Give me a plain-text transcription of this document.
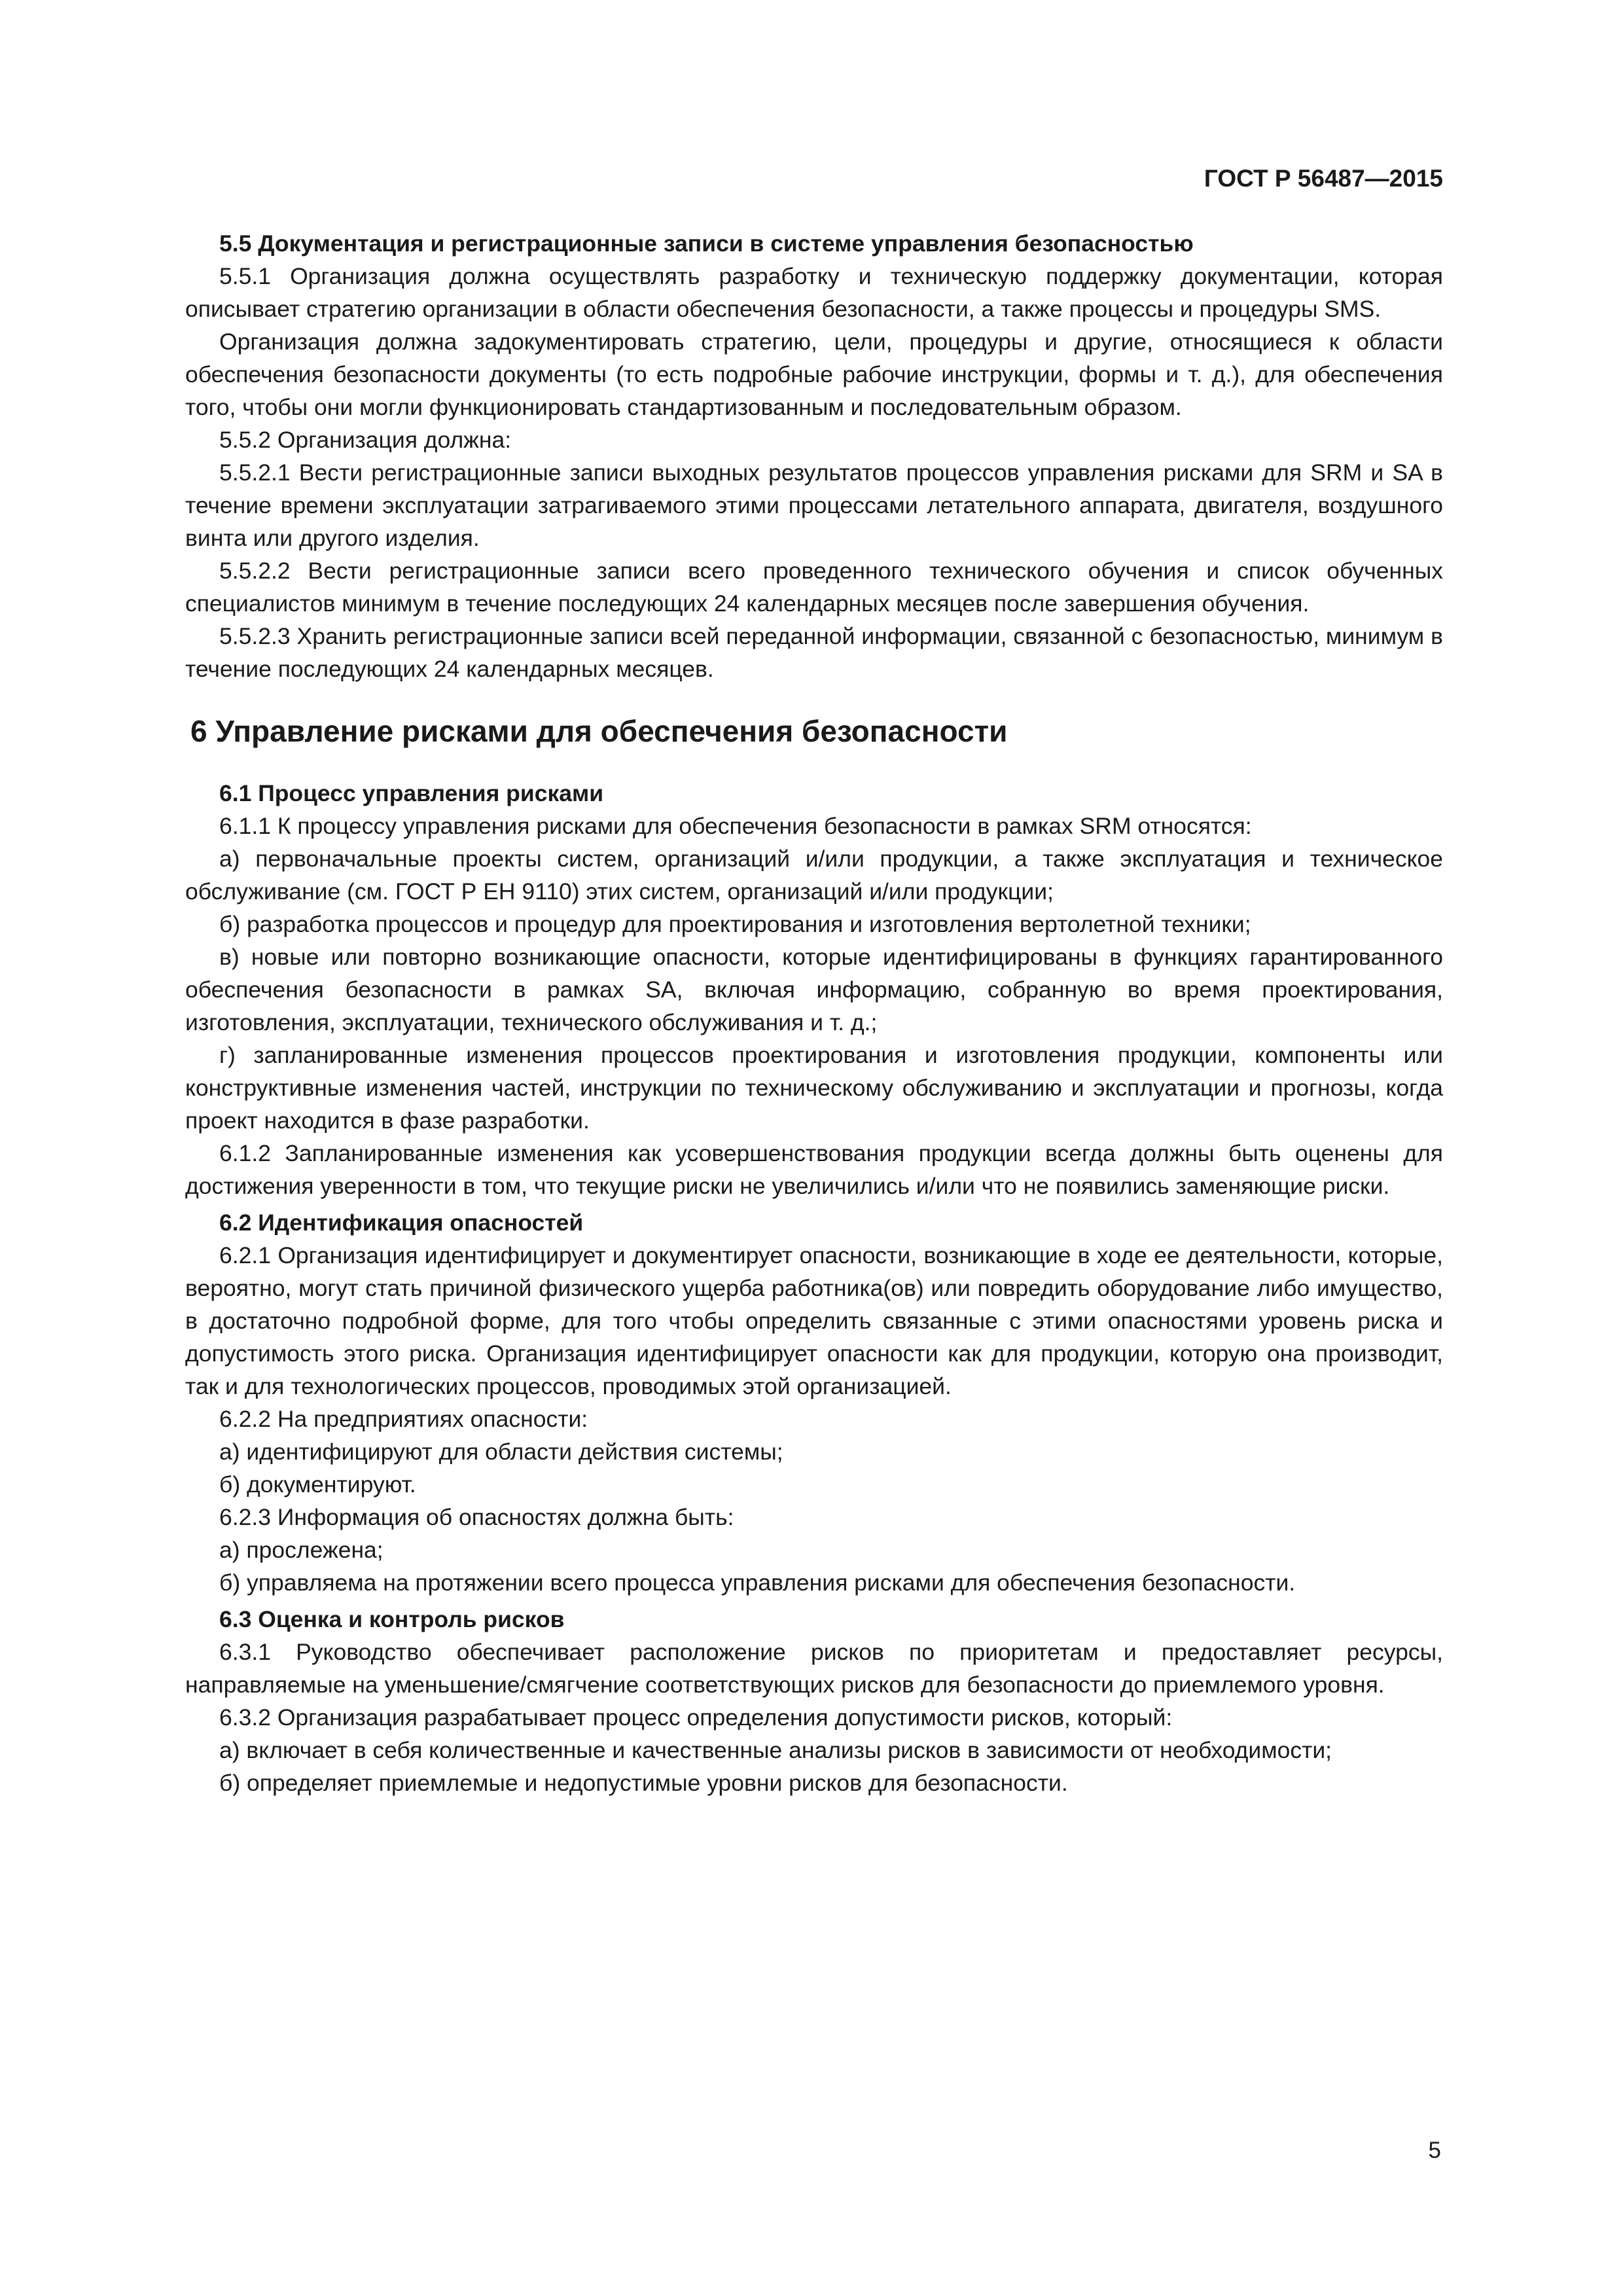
ГОСТ Р 56487—2015

5.5 Документация и регистрационные записи в системе управления безопасностью

5.5.1 Организация должна осуществлять разработку и техническую поддержку документации, которая описывает стратегию организации в области обеспечения безопасности, а также процессы и процедуры SMS.

Организация должна задокументировать стратегию, цели, процедуры и другие, относящиеся к области обеспечения безопасности документы (то есть подробные рабочие инструкции, формы и т. д.), для обеспечения того, чтобы они могли функционировать стандартизованным и последовательным образом.

5.5.2 Организация должна:

5.5.2.1 Вести регистрационные записи выходных результатов процессов управления рисками для SRM и SA в течение времени эксплуатации затрагиваемого этими процессами летательного аппарата, двигателя, воздушного винта или другого изделия.

5.5.2.2 Вести регистрационные записи всего проведенного технического обучения и список обученных специалистов минимум в течение последующих 24 календарных месяцев после завершения обучения.

5.5.2.3 Хранить регистрационные записи всей переданной информации, связанной с безопасностью, минимум в течение последующих 24 календарных месяцев.

6 Управление рисками для обеспечения безопасности

6.1 Процесс управления рисками

6.1.1 К процессу управления рисками для обеспечения безопасности в рамках SRM относятся:

а) первоначальные проекты систем, организаций и/или продукции, а также эксплуатация и техническое обслуживание (см. ГОСТ Р ЕН 9110) этих систем, организаций и/или продукции;

б) разработка процессов и процедур для проектирования и изготовления вертолетной техники;

в) новые или повторно возникающие опасности, которые идентифицированы в функциях гарантированного обеспечения безопасности в рамках SA, включая информацию, собранную во время проектирования, изготовления, эксплуатации, технического обслуживания и т. д.;

г) запланированные изменения процессов проектирования и изготовления продукции, компоненты или конструктивные изменения частей, инструкции по техническому обслуживанию и эксплуатации и прогнозы, когда проект находится в фазе разработки.

6.1.2 Запланированные изменения как усовершенствования продукции всегда должны быть оценены для достижения уверенности в том, что текущие риски не увеличились и/или что не появились заменяющие риски.

6.2 Идентификация опасностей

6.2.1 Организация идентифицирует и документирует опасности, возникающие в ходе ее деятельности, которые, вероятно, могут стать причиной физического ущерба работника(ов) или повредить оборудование либо имущество, в достаточно подробной форме, для того чтобы определить связанные с этими опасностями уровень риска и допустимость этого риска. Организация идентифицирует опасности как для продукции, которую она производит, так и для технологических процессов, проводимых этой организацией.

6.2.2 На предприятиях опасности:

а) идентифицируют для области действия системы;

б) документируют.

6.2.3 Информация об опасностях должна быть:

а) прослежена;

б) управляема на протяжении всего процесса управления рисками для обеспечения безопасности.

6.3 Оценка и контроль рисков

6.3.1 Руководство обеспечивает расположение рисков по приоритетам и предоставляет ресурсы, направляемые на уменьшение/смягчение соответствующих рисков для безопасности до приемлемого уровня.

6.3.2 Организация разрабатывает процесс определения допустимости рисков, который:

а) включает в себя количественные и качественные анализы рисков в зависимости от необходимости;

б) определяет приемлемые и недопустимые уровни рисков для безопасности.

5
